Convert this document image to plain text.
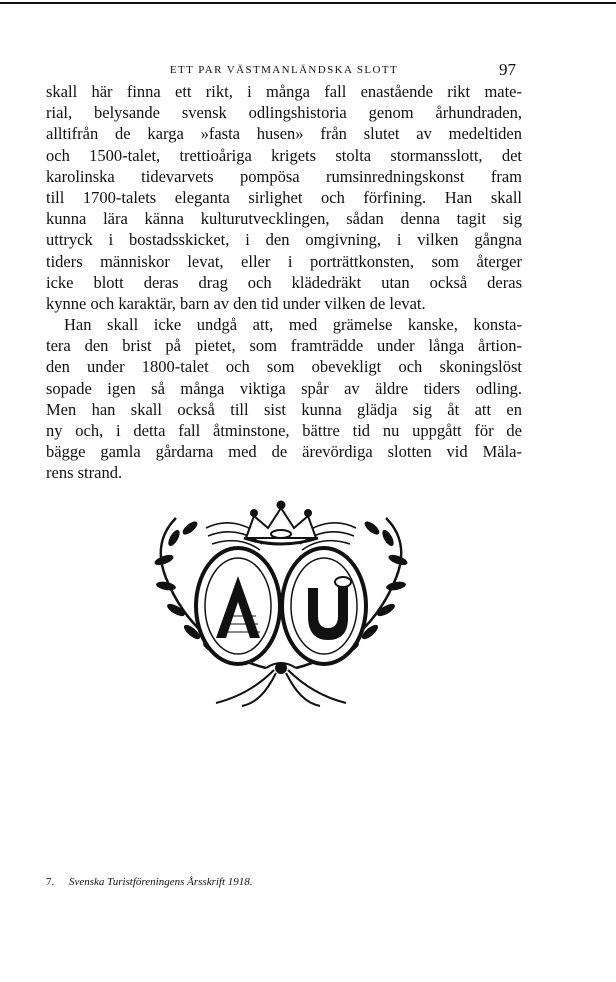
ETT PAR VÄSTMANLÄNDSKA SLOTT	97
skall här finna ett rikt, i många fall enastående rikt mate-
rial, belysande svensk odlingshistoria genom århundraden,
alltifrån de karga »fasta husen» från slutet av medeltiden
och 1500-talet, trettioåriga krigets stolta stormansslott, det
karolinska tidevarvets pompösa rumsinredningskonst fram
till 1700-talets eleganta sirlighet och förfining. Han skall
kunna lära känna kulturutvecklingen, sådan denna tagit sig
uttryck i bostadsskicket, i den omgivning, i vilken gångna
tiders människor levat, eller i porträttkonsten, som återger
icke blott deras drag och klädedräkt utan också deras
kynne och karaktär, barn av den tid under vilken de levat.
Han skall icke undgå att, med grämelse kanske, konsta-
tera den brist på pietet, som framträdde under långa årtion-
den under 1800-talet och som obevekligt och skoningslöst
sopade igen så många viktiga spår av äldre tiders odling.
Men han skall också till sist kunna glädja sig åt att en
ny och, i detta fall åtminstone, bättre tid nu uppgått för de
bägge gamla gårdarna med de ärevördiga slotten vid Mäla-
rens strand.
7. Svenska Turistföreningens Årsskrift 1918.
